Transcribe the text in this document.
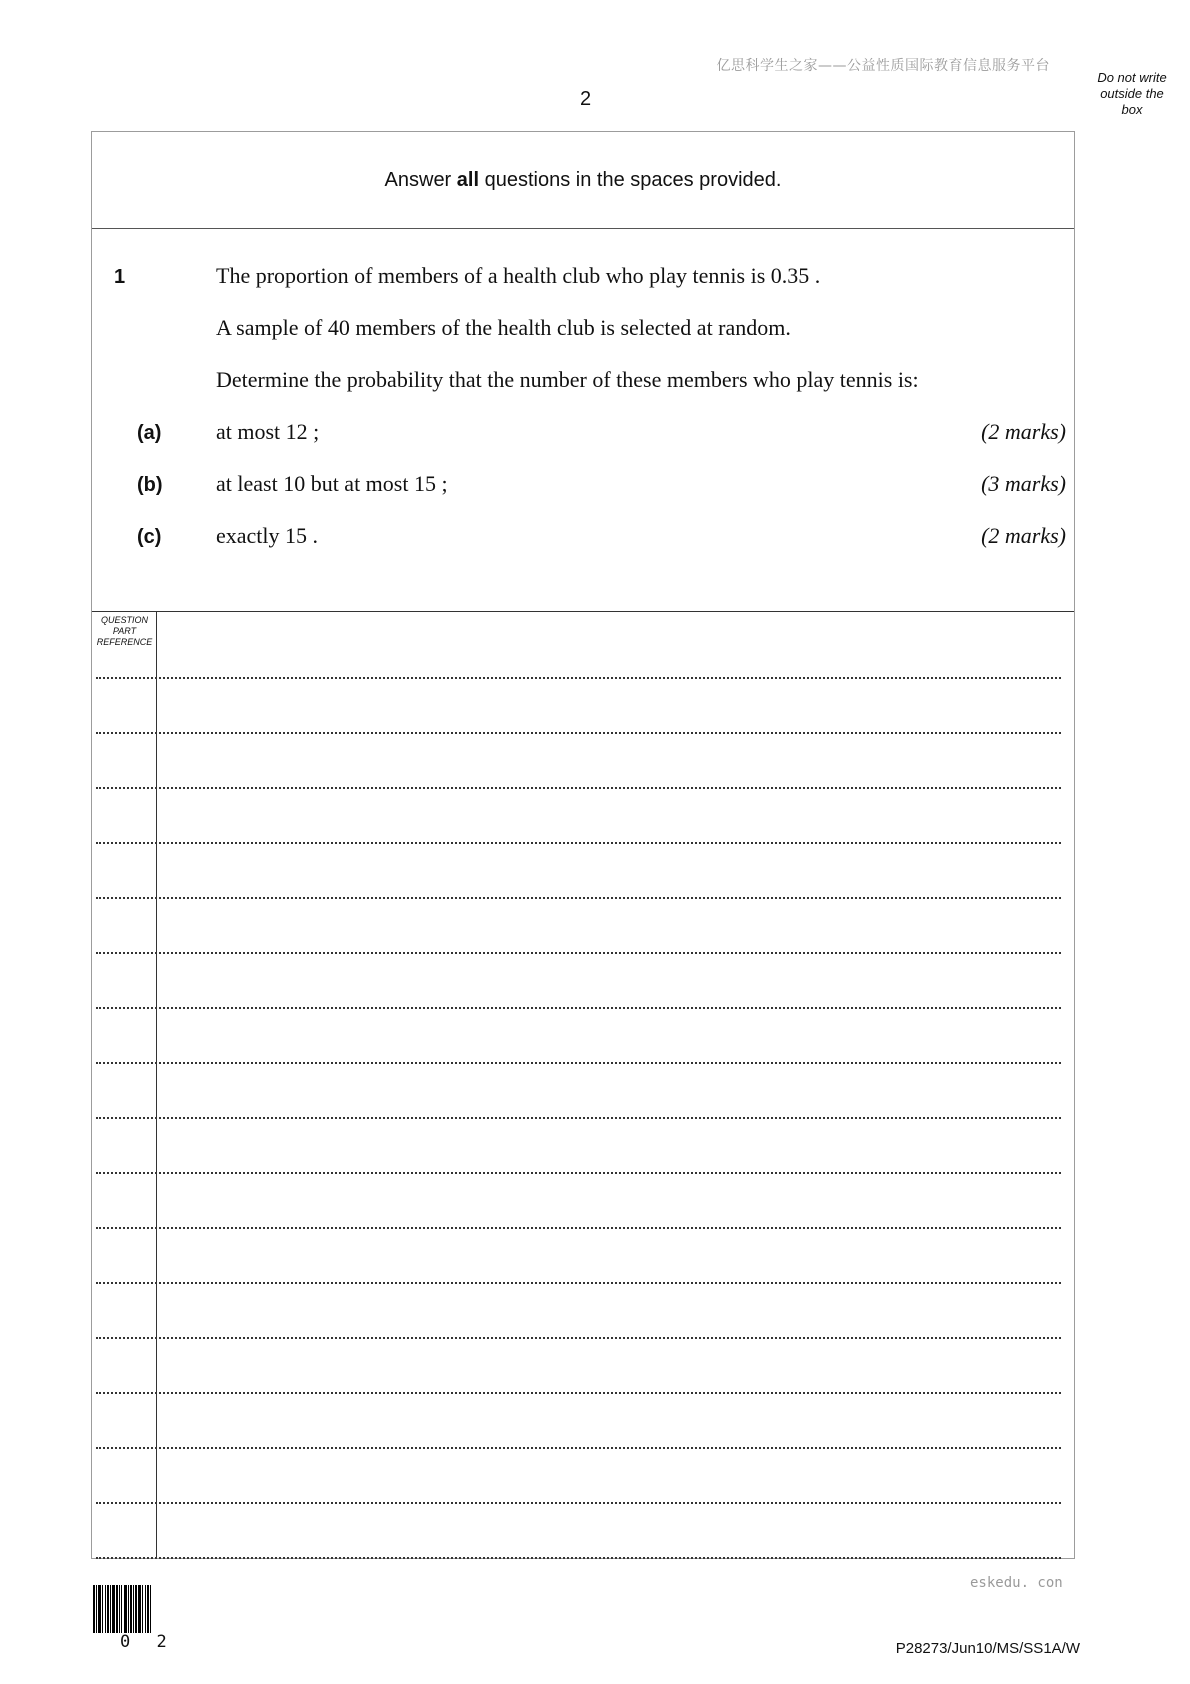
亿思科学生之家——公益性质国际教育信息服务平台
2
Do not write outside the box
Answer all questions in the spaces provided.
1	The proportion of members of a health club who play tennis is 0.35 .
A sample of 40 members of the health club is selected at random.
Determine the probability that the number of these members who play tennis is:
(a) at most 12 ;	(2 marks)
(b) at least 10 but at most 15 ;	(3 marks)
(c) exactly 15 .	(2 marks)
QUESTION
PART
REFERENCE
eskedu. con
0 2	P28273/Jun10/MS/SS1A/W
